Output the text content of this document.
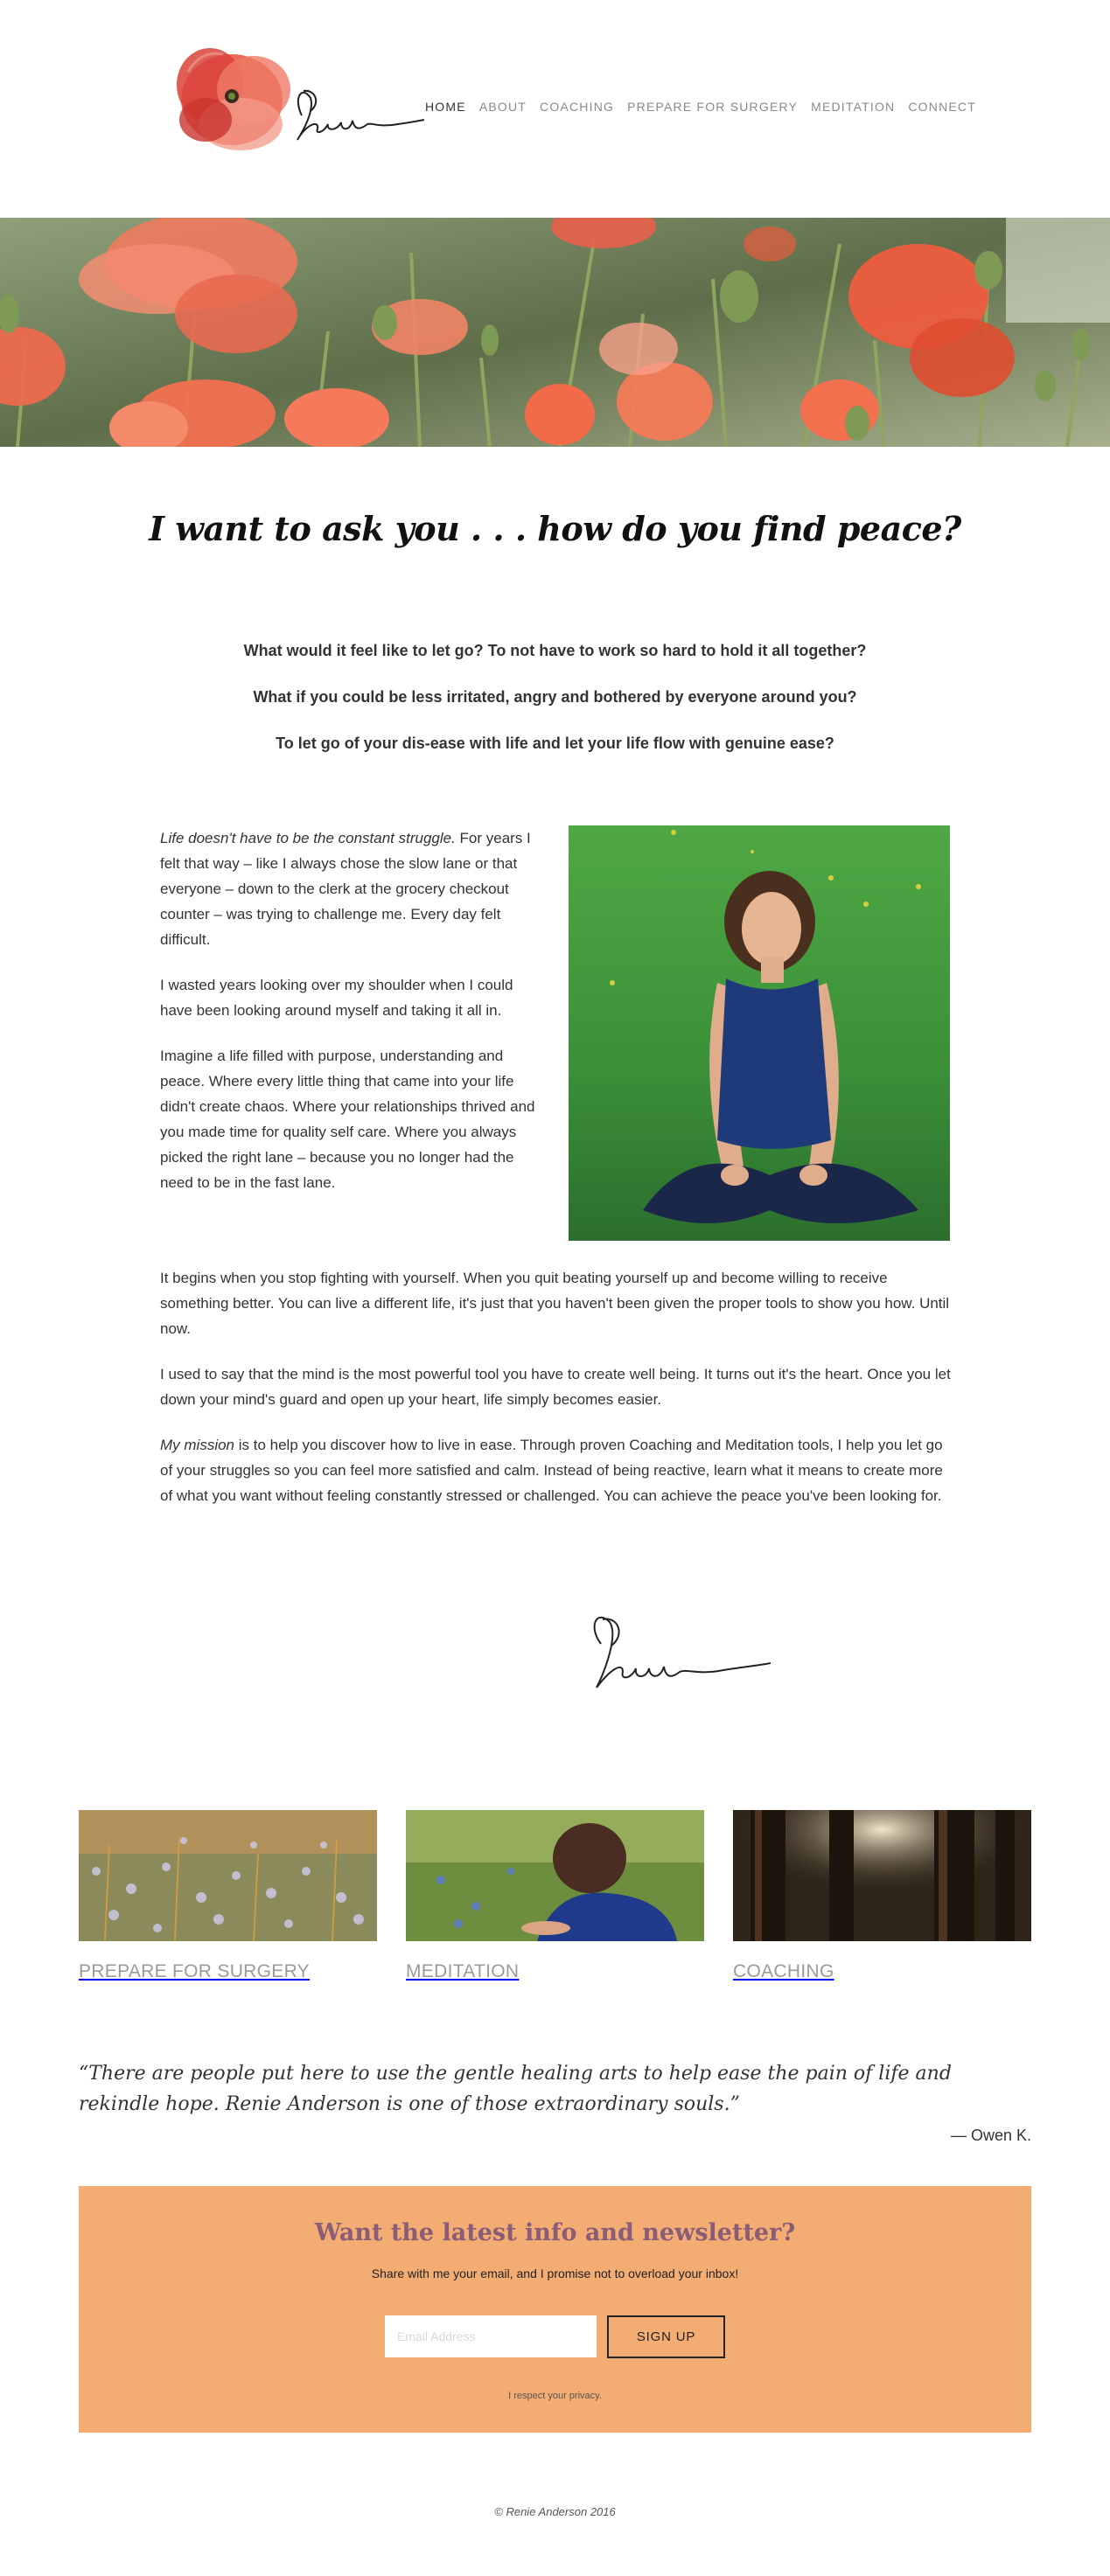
HOME ABOUT COACHING PREPARE FOR SURGERY MEDITATION CONNECT
I want to ask you . . . how do you find peace?

What would it feel like to let go? To not have to work so hard to hold it all together?

What if you could be less irritated, angry and bothered by everyone around you?

To let go of your dis-ease with life and let your life flow with genuine ease?

Life doesn't have to be the constant struggle. For years I felt that way – like I always chose the slow lane or that everyone – down to the clerk at the grocery checkout counter – was trying to challenge me. Every day felt difficult.

I wasted years looking over my shoulder when I could have been looking around myself and taking it all in.

Imagine a life filled with purpose, understanding and peace. Where every little thing that came into your life didn't create chaos. Where your relationships thrived and you made time for quality self care. Where you always picked the right lane – because you no longer had the need to be in the fast lane.

It begins when you stop fighting with yourself. When you quit beating yourself up and become willing to receive something better. You can live a different life, it's just that you haven't been given the proper tools to show you how. Until now.

I used to say that the mind is the most powerful tool you have to create well being. It turns out it's the heart. Once you let down your mind's guard and open up your heart, life simply becomes easier.

My mission is to help you discover how to live in ease. Through proven Coaching and Meditation tools, I help you let go of your struggles so you can feel more satisfied and calm. Instead of being reactive, learn what it means to create more of what you want without feeling constantly stressed or challenged. You can achieve the peace you've been looking for.

PREPARE FOR SURGERY	MEDITATION	COACHING
“There are people put here to use the gentle healing arts to help ease the pain of life and rekindle hope. Renie Anderson is one of those extraordinary souls.”
— Owen K.
Want the latest info and newsletter?

Share with me your email, and I promise not to overload your inbox!

Email Address
SIGN UP

I respect your privacy.

© Renie Anderson 2016
